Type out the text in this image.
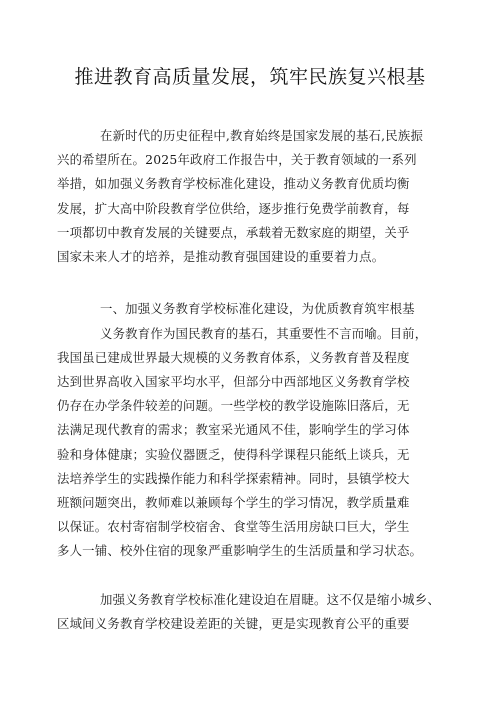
推进教育高质量发展，筑牢民族复兴根基
在新时代的历史征程中,教育始终是国家发展的基石,民族振
兴的希望所在。2025年政府工作报告中，关于教育领域的一系列
举措，如加强义务教育学校标准化建设，推动义务教育优质均衡
发展，扩大高中阶段教育学位供给，逐步推行免费学前教育，每
一项都切中教育发展的关键要点，承载着无数家庭的期望，关乎
国家未来人才的培养，是推动教育强国建设的重要着力点。
一、加强义务教育学校标准化建设，为优质教育筑牢根基
义务教育作为国民教育的基石，其重要性不言而喻。目前，
我国虽已建成世界最大规模的义务教育体系，义务教育普及程度
达到世界高收入国家平均水平，但部分中西部地区义务教育学校
仍存在办学条件较差的问题。一些学校的教学设施陈旧落后，无
法满足现代教育的需求；教室采光通风不佳，影响学生的学习体
验和身体健康；实验仪器匮乏，使得科学课程只能纸上谈兵，无
法培养学生的实践操作能力和科学探索精神。同时，县镇学校大
班额问题突出，教师难以兼顾每个学生的学习情况，教学质量难
以保证。农村寄宿制学校宿舍、食堂等生活用房缺口巨大，学生
多人一铺、校外住宿的现象严重影响学生的生活质量和学习状态。
加强义务教育学校标准化建设迫在眉睫。这不仅是缩小城乡、
区域间义务教育学校建设差距的关键，更是实现教育公平的重要
